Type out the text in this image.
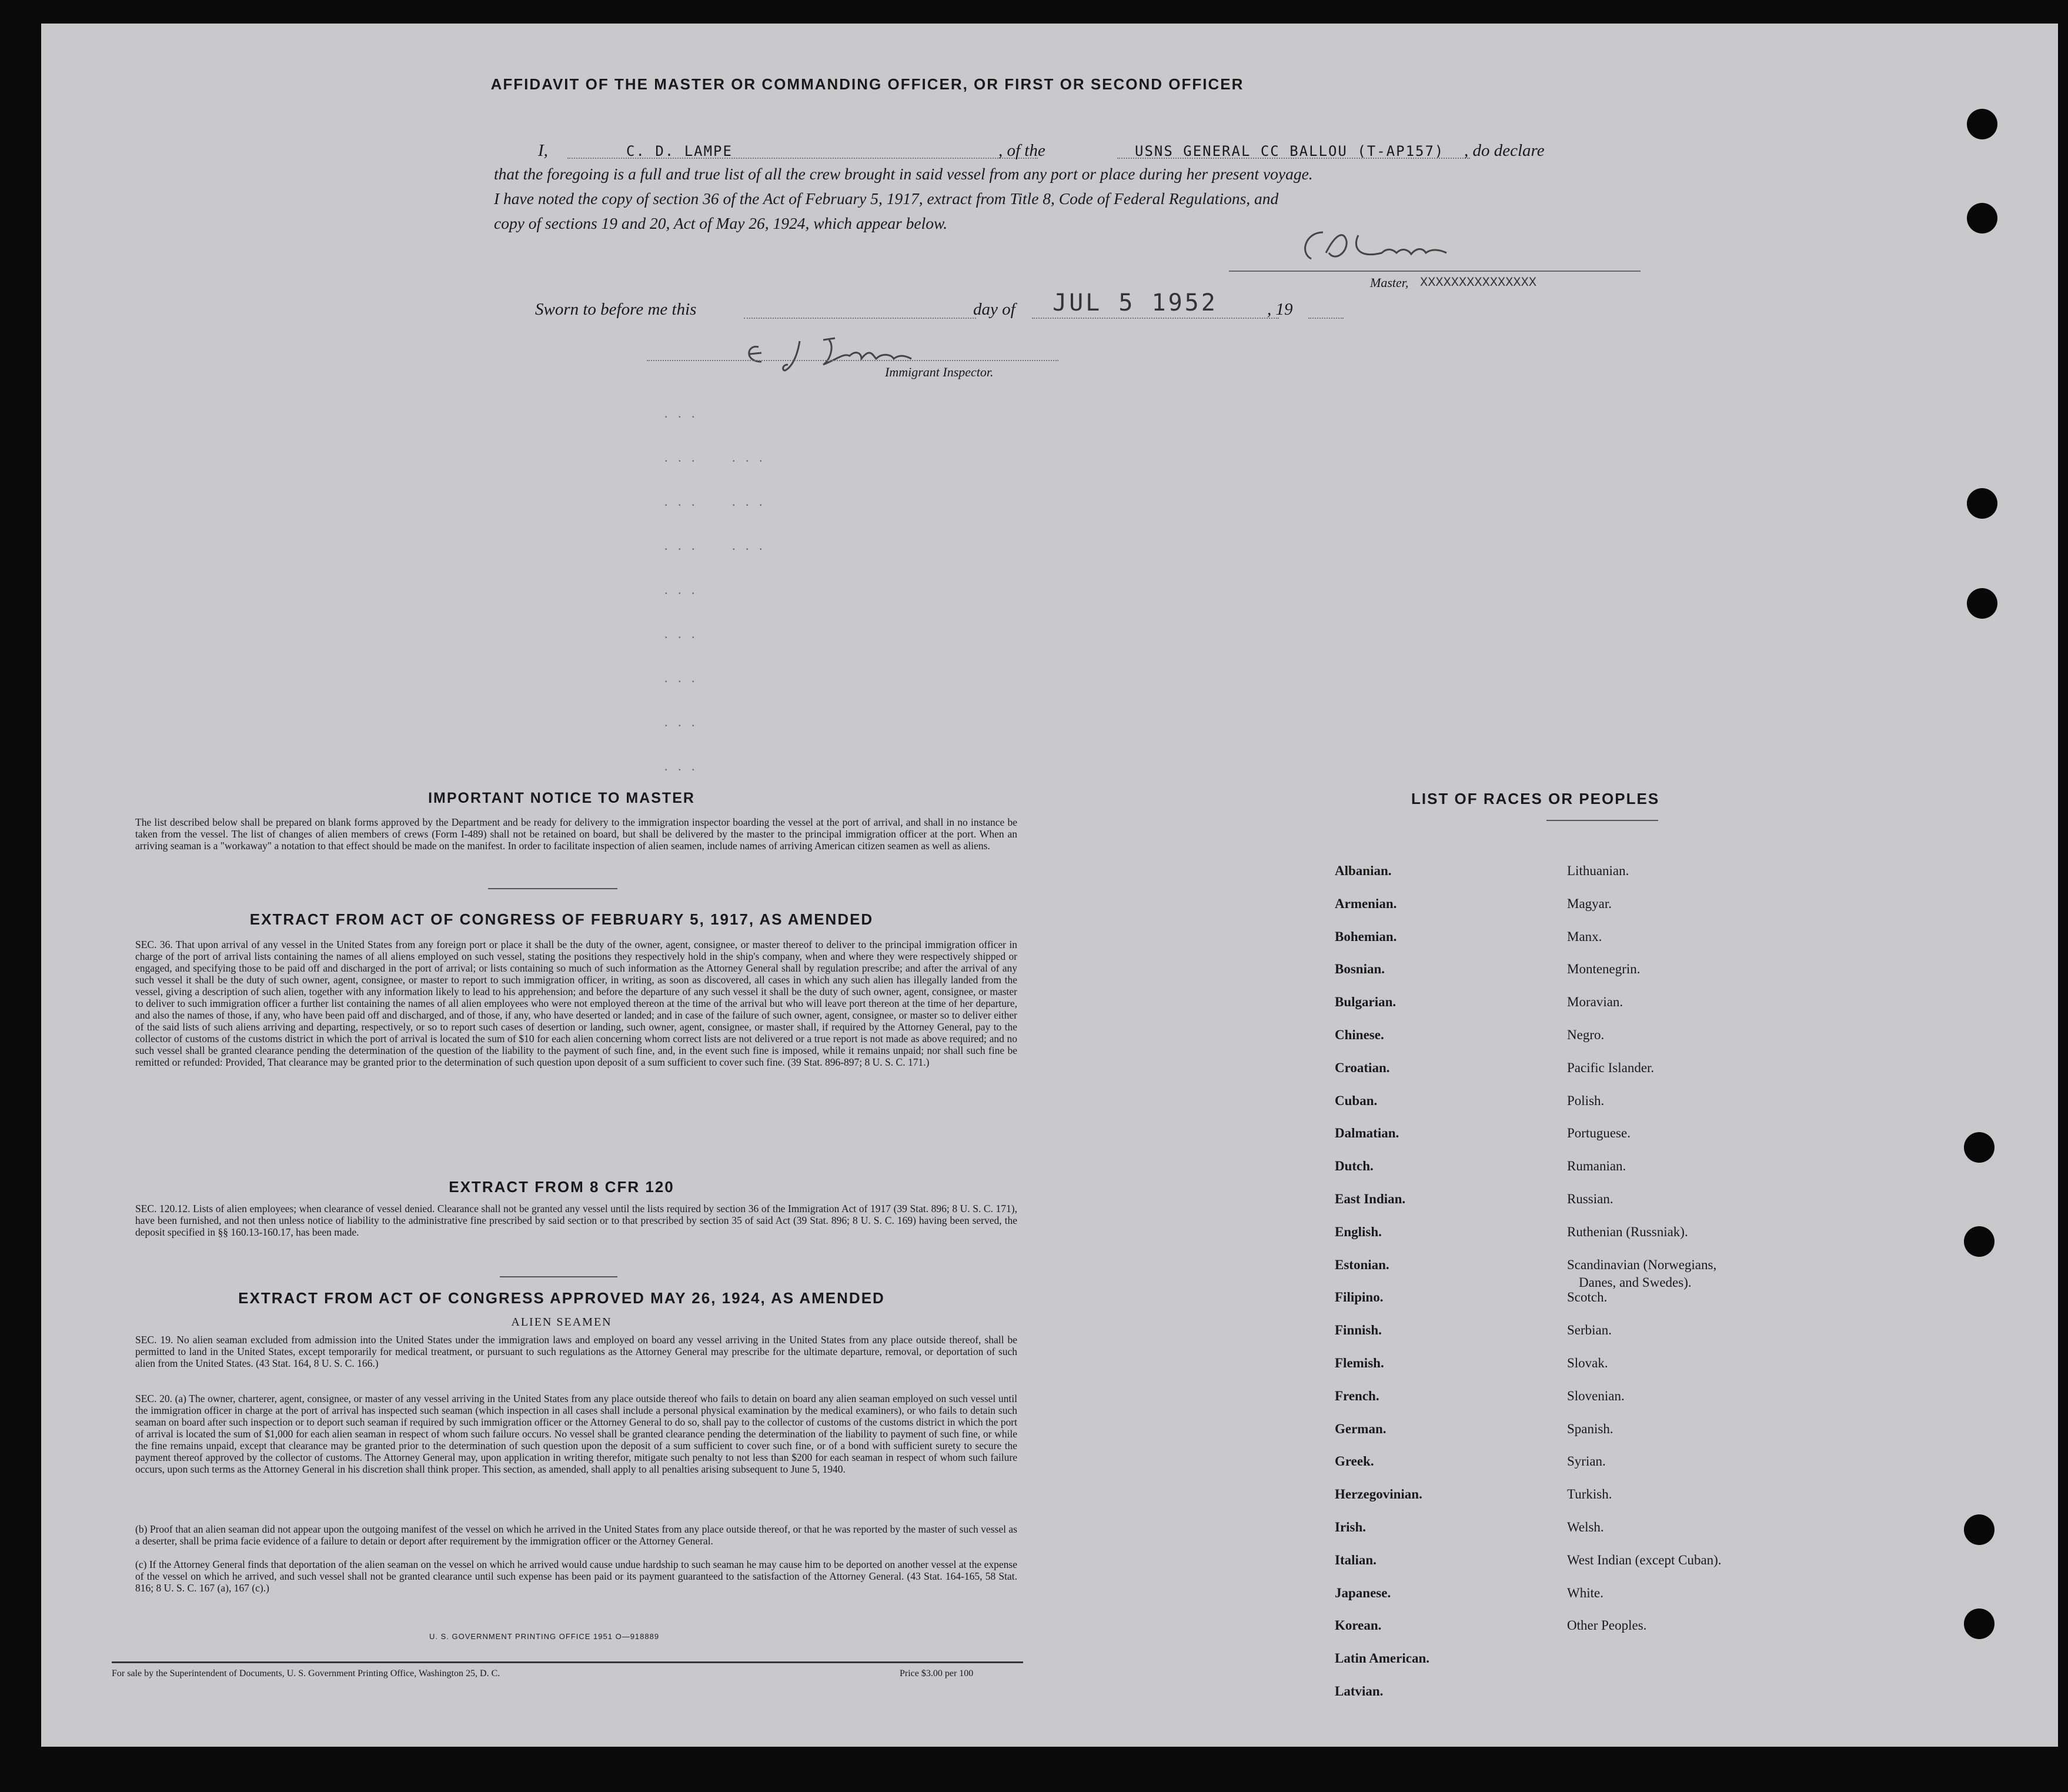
AFFIDAVIT OF THE MASTER OR COMMANDING OFFICER, OR FIRST OR SECOND OFFICER
I,	C. D. LAMPE	, of the	USNS GENERAL CC BALLOU (T-AP157) , do declare
that the foregoing is a full and true list of all the crew brought in said vessel from any port or place during her present voyage.
I have noted the copy of section 36 of the Act of February 5, 1917, extract from Title 8, Code of Federal Regulations, and
copy of sections 19 and 20, Act of May 26, 1924, which appear below.
Master, XXXXXXXXXXXXXXX
Sworn to before me this	day of JUL 5 1952	, 19
Immigrant Inspector.
. . .
. . .     . . .
. . .     . . .
. . .     . . .
. . .
. . .
. . .
. . .
. . .
IMPORTANT NOTICE TO MASTER
The list described below shall be prepared on blank forms approved by the Department and be ready for delivery to the immigration inspector boarding the vessel at the port of arrival, and shall in no instance be taken from the vessel. The list of changes of alien members of crews (Form I-489) shall not be retained on board, but shall be delivered by the master to the principal immigration officer at the port. When an arriving seaman is a "workaway" a notation to that effect should be made on the manifest. In order to facilitate inspection of alien seamen, include names of arriving American citizen seamen as well as aliens.
EXTRACT FROM ACT OF CONGRESS OF FEBRUARY 5, 1917, AS AMENDED
SEC. 36. That upon arrival of any vessel in the United States from any foreign port or place it shall be the duty of the owner, agent, consignee, or master thereof to deliver to the principal immigration officer in charge of the port of arrival lists containing the names of all aliens employed on such vessel, stating the positions they respectively hold in the ship's company, when and where they were respectively shipped or engaged, and specifying those to be paid off and discharged in the port of arrival; or lists containing so much of such information as the Attorney General shall by regulation prescribe; and after the arrival of any such vessel it shall be the duty of such owner, agent, consignee, or master to report to such immigration officer, in writing, as soon as discovered, all cases in which any such alien has illegally landed from the vessel, giving a description of such alien, together with any information likely to lead to his apprehension; and before the departure of any such vessel it shall be the duty of such owner, agent, consignee, or master to deliver to such immigration officer a further list containing the names of all alien employees who were not employed thereon at the time of the arrival but who will leave port thereon at the time of her departure, and also the names of those, if any, who have been paid off and discharged, and of those, if any, who have deserted or landed; and in case of the failure of such owner, agent, consignee, or master so to deliver either of the said lists of such aliens arriving and departing, respectively, or so to report such cases of desertion or landing, such owner, agent, consignee, or master shall, if required by the Attorney General, pay to the collector of customs of the customs district in which the port of arrival is located the sum of $10 for each alien concerning whom correct lists are not delivered or a true report is not made as above required; and no such vessel shall be granted clearance pending the determination of the question of the liability to the payment of such fine, and, in the event such fine is imposed, while it remains unpaid; nor shall such fine be remitted or refunded: Provided, That clearance may be granted prior to the determination of such question upon deposit of a sum sufficient to cover such fine. (39 Stat. 896-897; 8 U. S. C. 171.)
EXTRACT FROM 8 CFR 120
SEC. 120.12. Lists of alien employees; when clearance of vessel denied. Clearance shall not be granted any vessel until the lists required by section 36 of the Immigration Act of 1917 (39 Stat. 896; 8 U. S. C. 171), have been furnished, and not then unless notice of liability to the administrative fine prescribed by said section or to that prescribed by section 35 of said Act (39 Stat. 896; 8 U. S. C. 169) having been served, the deposit specified in §§ 160.13-160.17, has been made.
EXTRACT FROM ACT OF CONGRESS APPROVED MAY 26, 1924, AS AMENDED
ALIEN SEAMEN
SEC. 19. No alien seaman excluded from admission into the United States under the immigration laws and employed on board any vessel arriving in the United States from any place outside thereof, shall be permitted to land in the United States, except temporarily for medical treatment, or pursuant to such regulations as the Attorney General may prescribe for the ultimate departure, removal, or deportation of such alien from the United States. (43 Stat. 164, 8 U. S. C. 166.)
SEC. 20. (a) The owner, charterer, agent, consignee, or master of any vessel arriving in the United States from any place outside thereof who fails to detain on board any alien seaman employed on such vessel until the immigration officer in charge at the port of arrival has inspected such seaman (which inspection in all cases shall include a personal physical examination by the medical examiners), or who fails to detain such seaman on board after such inspection or to deport such seaman if required by such immigration officer or the Attorney General to do so, shall pay to the collector of customs of the customs district in which the port of arrival is located the sum of $1,000 for each alien seaman in respect of whom such failure occurs. No vessel shall be granted clearance pending the determination of the liability to payment of such fine, or while the fine remains unpaid, except that clearance may be granted prior to the determination of such question upon the deposit of a sum sufficient to cover such fine, or of a bond with sufficient surety to secure the payment thereof approved by the collector of customs. The Attorney General may, upon application in writing therefor, mitigate such penalty to not less than $200 for each seaman in respect of whom such failure occurs, upon such terms as the Attorney General in his discretion shall think proper. This section, as amended, shall apply to all penalties arising subsequent to June 5, 1940.
(b) Proof that an alien seaman did not appear upon the outgoing manifest of the vessel on which he arrived in the United States from any place outside thereof, or that he was reported by the master of such vessel as a deserter, shall be prima facie evidence of a failure to detain or deport after requirement by the immigration officer or the Attorney General.
(c) If the Attorney General finds that deportation of the alien seaman on the vessel on which he arrived would cause undue hardship to such seaman he may cause him to be deported on another vessel at the expense of the vessel on which he arrived, and such vessel shall not be granted clearance until such expense has been paid or its payment guaranteed to the satisfaction of the Attorney General. (43 Stat. 164-165, 58 Stat. 816; 8 U. S. C. 167 (a), 167 (c).)
U. S. GOVERNMENT PRINTING OFFICE 1951 O—918889
For sale by the Superintendent of Documents, U. S. Government Printing Office, Washington 25, D. C.	Price $3.00 per 100
LIST OF RACES OR PEOPLES
Albanian.
Armenian.
Bohemian.
Bosnian.
Bulgarian.
Chinese.
Croatian.
Cuban.
Dalmatian.
Dutch.
East Indian.
English.
Estonian.
Filipino.
Finnish.
Flemish.
French.
German.
Greek.
Herzegovinian.
Irish.
Italian.
Japanese.
Korean.
Latin American.
Latvian.
Lithuanian.
Magyar.
Manx.
Montenegrin.
Moravian.
Negro.
Pacific Islander.
Polish.
Portuguese.
Rumanian.
Russian.
Ruthenian (Russniak).
Scandinavian (Norwegians,
Danes, and Swedes).
Scotch.
Serbian.
Slovak.
Slovenian.
Spanish.
Syrian.
Turkish.
Welsh.
West Indian (except Cuban).
White.
Other Peoples.
